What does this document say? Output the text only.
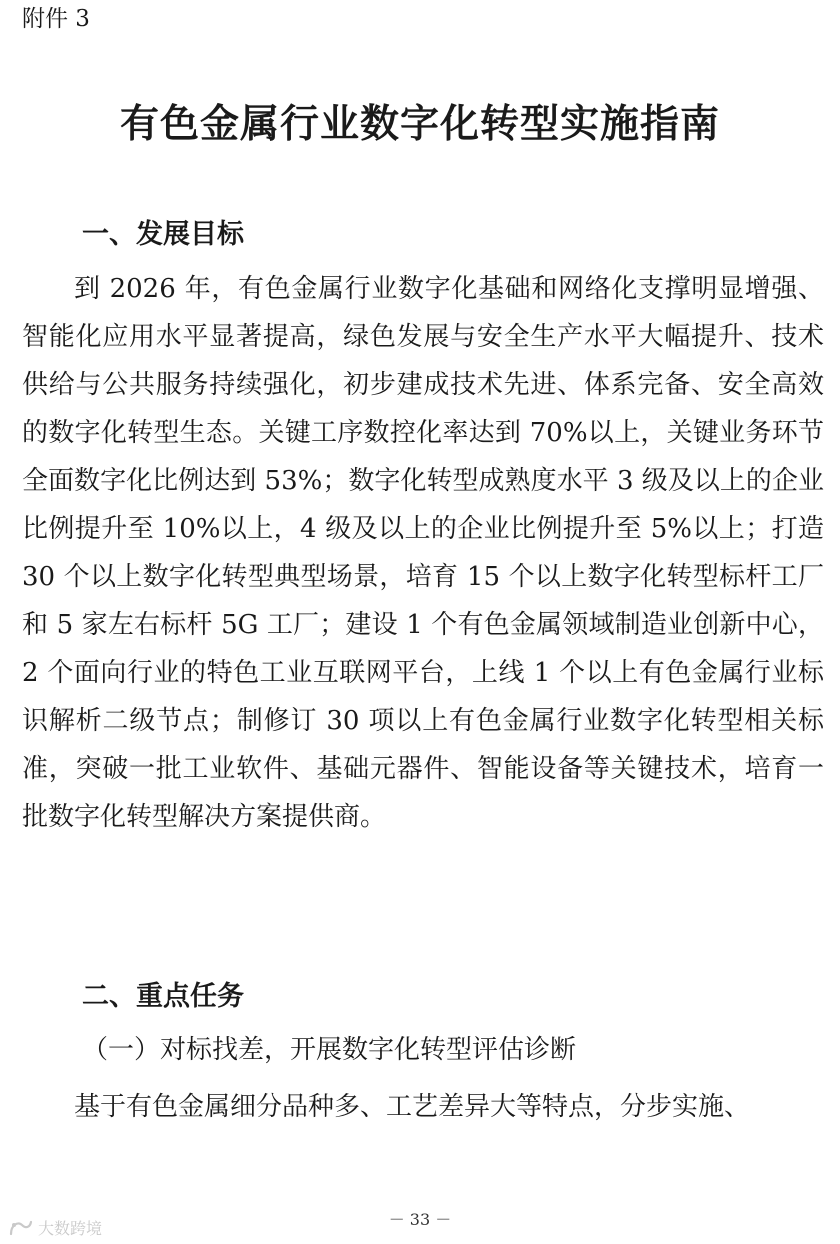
附件 3
有色金属行业数字化转型实施指南
一、发展目标

到 2026 年，有色金属行业数字化基础和网络化支撑明显增强、智能化应用水平显著提高，绿色发展与安全生产水平大幅提升、技术供给与公共服务持续强化，初步建成技术先进、体系完备、安全高效的数字化转型生态。关键工序数控化率达到 70%以上，关键业务环节全面数字化比例达到 53%；数字化转型成熟度水平 3 级及以上的企业比例提升至 10%以上，4 级及以上的企业比例提升至 5%以上；打造 30 个以上数字化转型典型场景，培育 15 个以上数字化转型标杆工厂和 5 家左右标杆 5G 工厂；建设 1 个有色金属领域制造业创新中心，2 个面向行业的特色工业互联网平台，上线 1 个以上有色金属行业标识解析二级节点；制修订 30 项以上有色金属行业数字化转型相关标准，突破一批工业软件、基础元器件、智能设备等关键技术，培育一批数字化转型解决方案提供商。

二、重点任务
（一）对标找差，开展数字化转型评估诊断

基于有色金属细分品种多、工艺差异大等特点，分步实施、

－ 33 －
大数跨境
